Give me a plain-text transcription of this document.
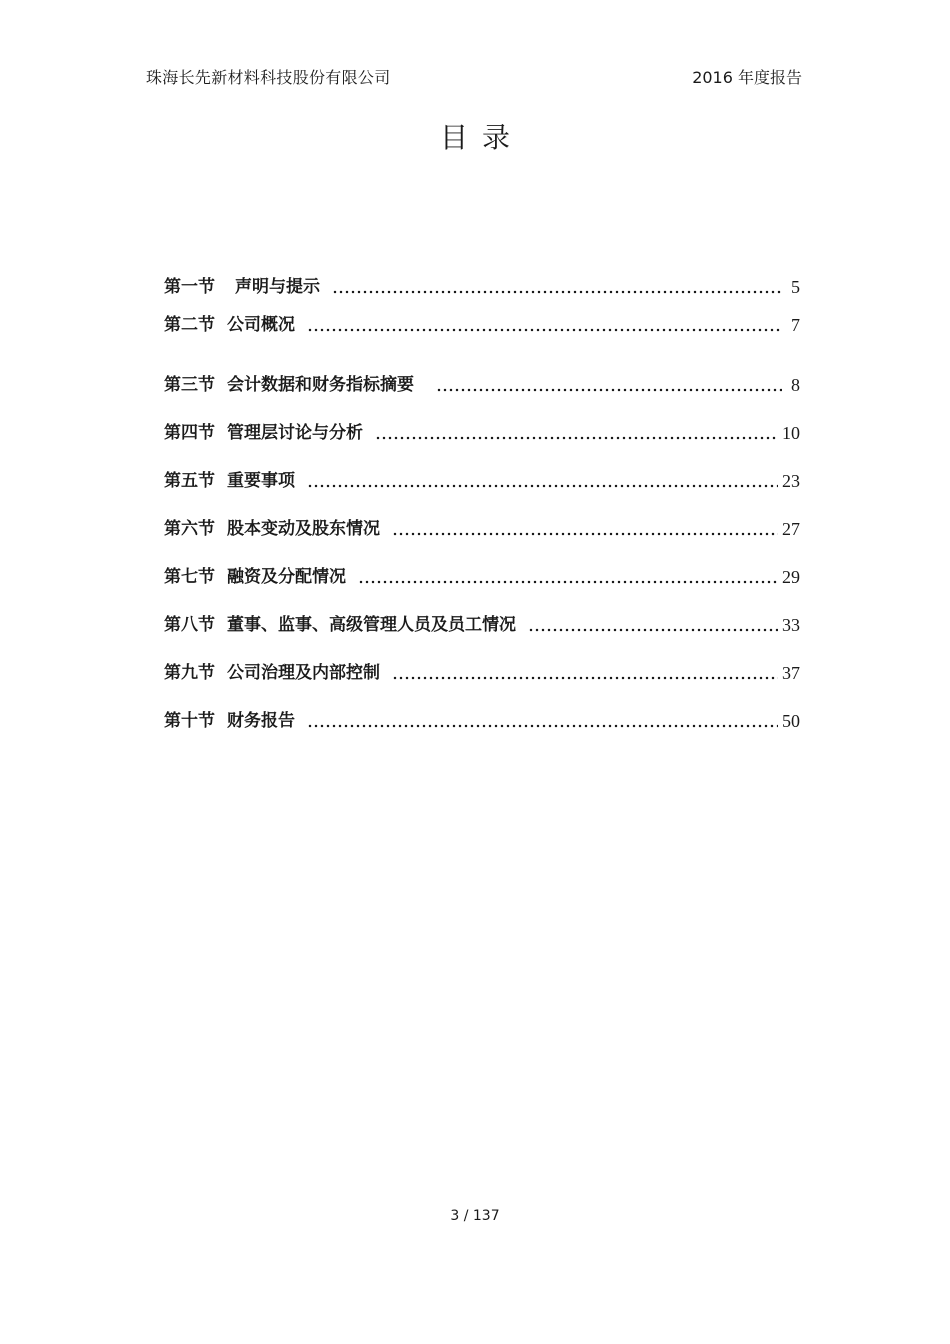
珠海长先新材料科技股份有限公司	2016 年度报告
目录
第一节 声明与提示	5
第二节 公司概况	7
第三节 会计数据和财务指标摘要	8
第四节 管理层讨论与分析	10
第五节 重要事项	23
第六节 股本变动及股东情况	27
第七节 融资及分配情况	29
第八节 董事、监事、高级管理人员及员工情况	33
第九节 公司治理及内部控制	37
第十节 财务报告	50
3 / 137
